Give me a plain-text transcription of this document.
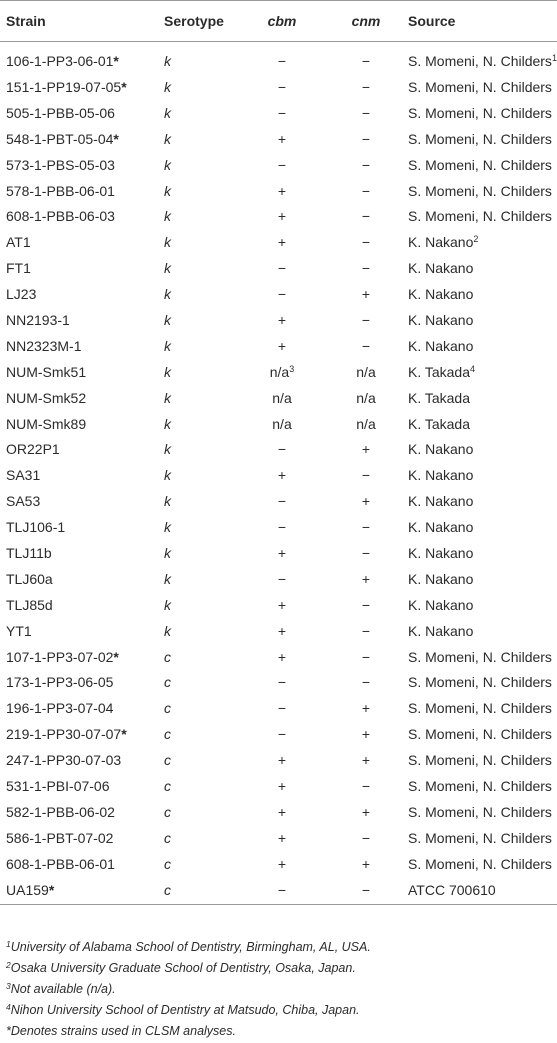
Strain	Serotype	cbm	cnm	Source
106-1-PP3-06-01*	k	−	−	S. Momeni, N. Childers$^1$
151-1-PP19-07-05*	k	−	−	S. Momeni, N. Childers
505-1-PBB-05-06	k	−	−	S. Momeni, N. Childers
548-1-PBT-05-04*	k	+	−	S. Momeni, N. Childers
573-1-PBS-05-03	k	−	−	S. Momeni, N. Childers
578-1-PBB-06-01	k	+	−	S. Momeni, N. Childers
608-1-PBB-06-03	k	+	−	S. Momeni, N. Childers
AT1	k	+	−	K. Nakano$^2$
FT1	k	−	−	K. Nakano
LJ23	k	−	+	K. Nakano
NN2193-1	k	+	−	K. Nakano
NN2323M-1	k	+	−	K. Nakano
NUM-Smk51	k	$n/a^3$	n/a	K. Takada$^4$
NUM-Smk52	k	n/a	n/a	K. Takada
NUM-Smk89	k	n/a	n/a	K. Takada
OR22P1	k	−	+	K. Nakano
SA31	k	+	−	K. Nakano
SA53	k	−	+	K. Nakano
TLJ106-1	k	−	−	K. Nakano
TLJ11b	k	+	−	K. Nakano
TLJ60a	k	−	+	K. Nakano
TLJ85d	k	+	−	K. Nakano
YT1	k	+	−	K. Nakano
107-1-PP3-07-02*	c	+	−	S. Momeni, N. Childers
173-1-PP3-06-05	c	−	−	S. Momeni, N. Childers
196-1-PP3-07-04	c	−	+	S. Momeni, N. Childers
219-1-PP30-07-07*	c	−	+	S. Momeni, N. Childers
247-1-PP30-07-03	c	+	+	S. Momeni, N. Childers
531-1-PBI-07-06	c	+	−	S. Momeni, N. Childers
582-1-PBB-06-02	c	+	+	S. Momeni, N. Childers
586-1-PBT-07-02	c	+	−	S. Momeni, N. Childers
608-1-PBB-06-01	c	+	+	S. Momeni, N. Childers
UA159*	c	−	−	ATCC 700610
$^1$University of Alabama School of Dentistry, Birmingham, AL, USA.
$^2$Osaka University Graduate School of Dentistry, Osaka, Japan.
$^3$Not available (n/a).
$^4$Nihon University School of Dentistry at Matsudo, Chiba, Japan.
*Denotes strains used in CLSM analyses.
